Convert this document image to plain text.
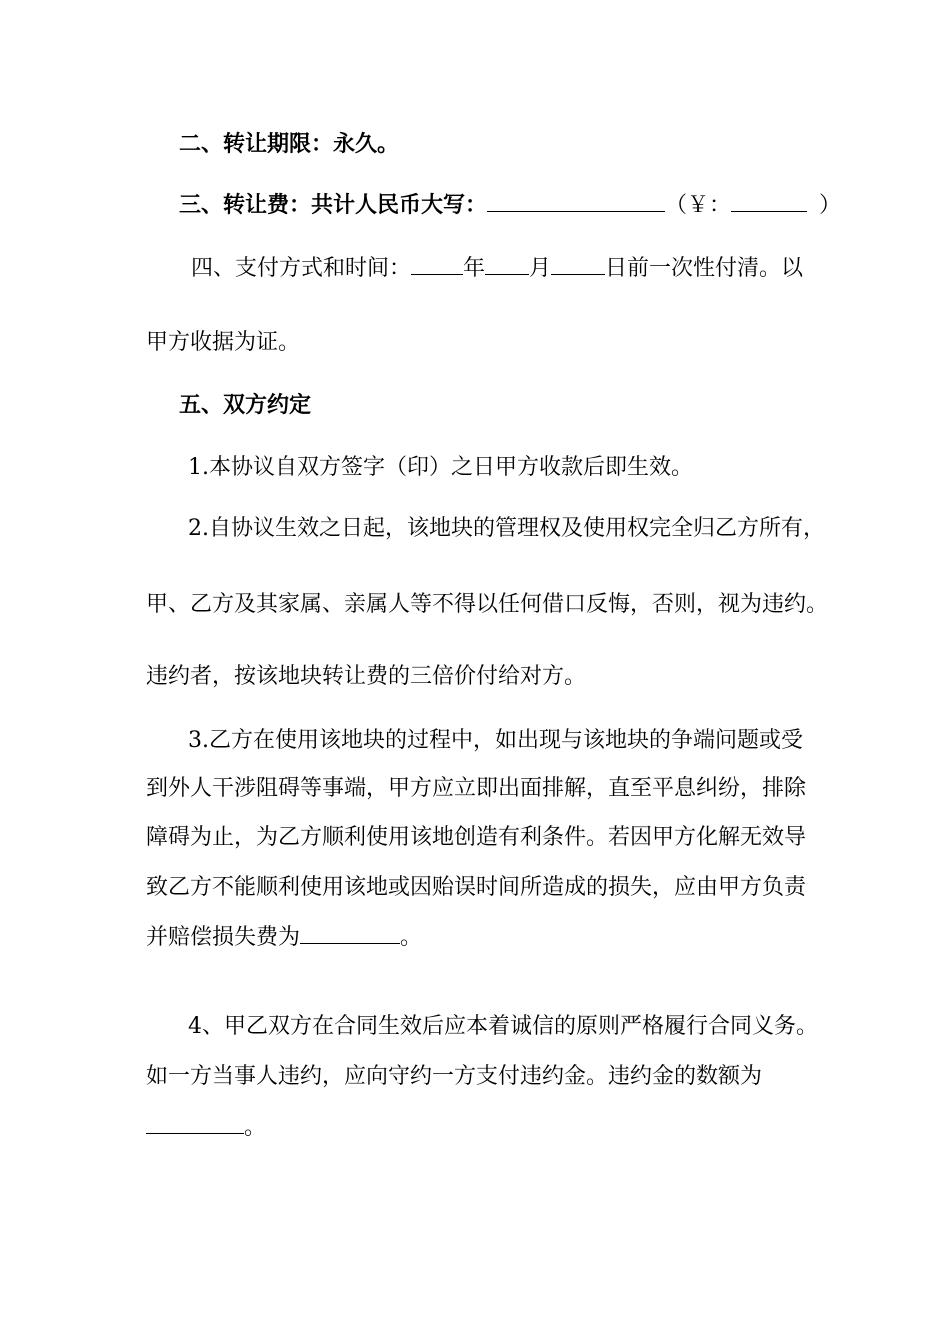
二、转让期限：永久。
三、转让费：共计人民币大写：	（￥：	）
四、支付方式和时间： 年 月 日前一次性付清。以
甲方收据为证。
五、双方约定
1.本协议自双方签字（印）之日甲方收款后即生效。
2.自协议生效之日起，该地块的管理权及使用权完全归乙方所有，
甲、乙方及其家属、亲属人等不得以任何借口反悔，否则，视为违约。
违约者，按该地块转让费的三倍价付给对方。
3.乙方在使用该地块的过程中，如出现与该地块的争端问题或受
到外人干涉阻碍等事端，甲方应立即出面排解，直至平息纠纷，排除
障碍为止，为乙方顺利使用该地创造有利条件。若因甲方化解无效导
致乙方不能顺利使用该地或因贻误时间所造成的损失，应由甲方负责
并赔偿损失费为	。
4、甲乙双方在合同生效后应本着诚信的原则严格履行合同义务。
如一方当事人违约，应向守约一方支付违约金。违约金的数额为
。
